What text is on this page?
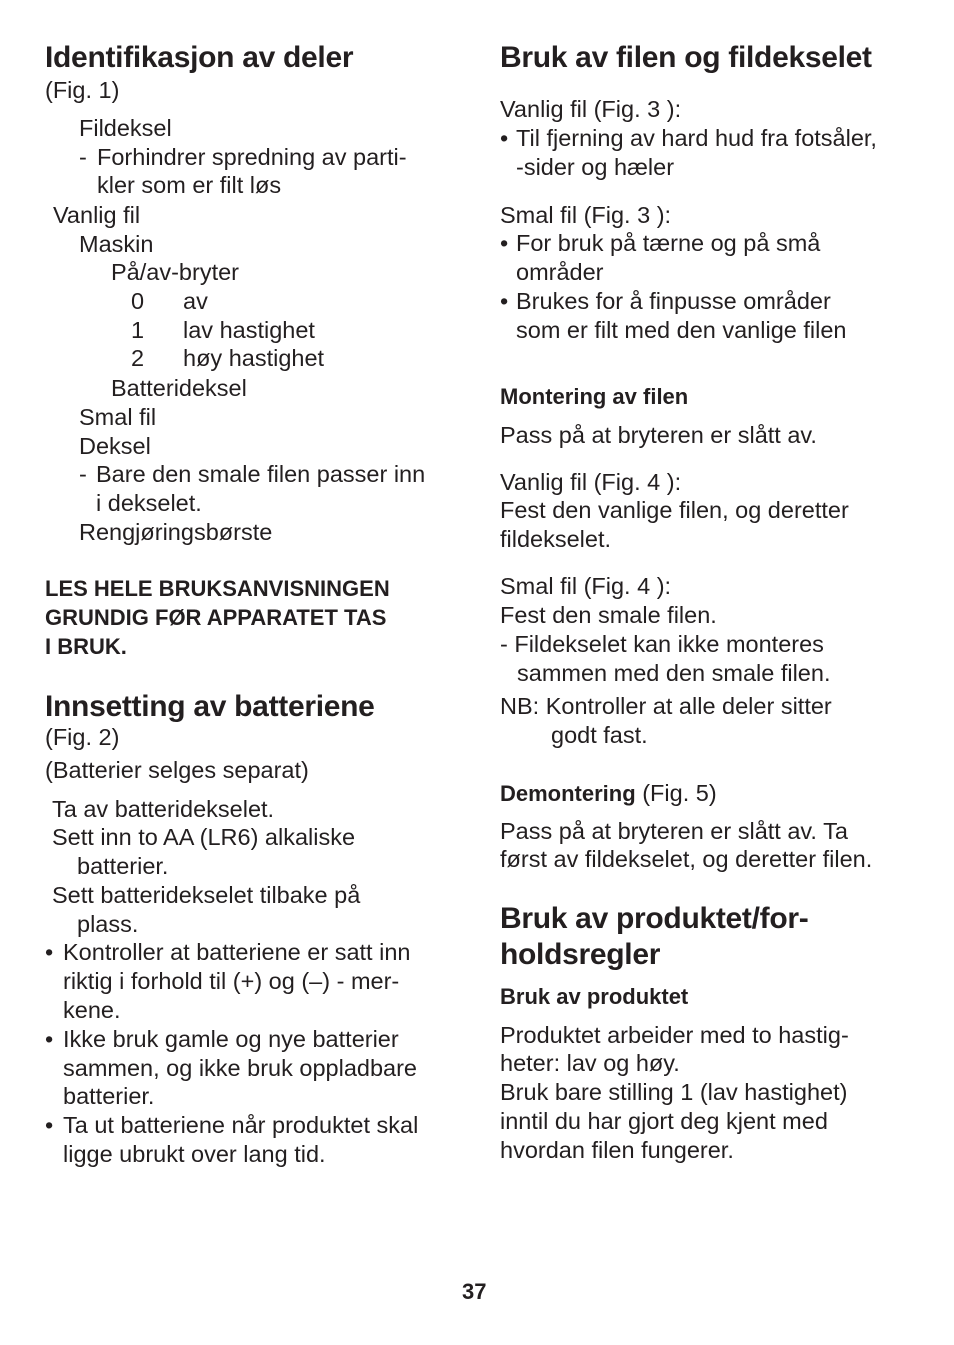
Identifikasjon av deler
(Fig. 1)
Fildeksel
- Forhindrer spredning av parti-
kler som er filt løs
Vanlig fil
Maskin
På/av-bryter
0 av
1 lav hastighet
2 høy hastighet
Batterideksel
Smal fil
Deksel
- Bare den smale filen passer inn
i dekselet.
Rengjøringsbørste
LES HELE BRUKSANVISNINGEN
GRUNDIG FØR APPARATET TAS
I BRUK.
Innsetting av batteriene
(Fig. 2)
(Batterier selges separat)
Ta av batteridekselet.
Sett inn to AA (LR6) alkaliske
batterier.
Sett batteridekselet tilbake på
plass.
• Kontroller at batteriene er satt inn
riktig i forhold til (+) og (–) - mer-
kene.
• Ikke bruk gamle og nye batterier
sammen, og ikke bruk oppladbare
batterier.
• Ta ut batteriene når produktet skal
ligge ubrukt over lang tid.
Bruk av filen og fildekselet
Vanlig fil (Fig. 3 ):
• Til fjerning av hard hud fra fotsåler,
-sider og hæler
Smal fil (Fig. 3 ):
• For bruk på tærne og på små
områder
• Brukes for å finpusse områder
som er filt med den vanlige filen
Montering av filen
Pass på at bryteren er slått av.
Vanlig fil (Fig. 4 ):
Fest den vanlige filen, og deretter
fildekselet.
Smal fil (Fig. 4 ):
Fest den smale filen.
- Fildekselet kan ikke monteres
sammen med den smale filen.
NB: Kontroller at alle deler sitter
godt fast.
Demontering (Fig. 5)
Pass på at bryteren er slått av. Ta
først av fildekselet, og deretter filen.
Bruk av produktet/for-
holdsregler
Bruk av produktet
Produktet arbeider med to hastig-
heter: lav og høy.
Bruk bare stilling 1 (lav hastighet)
inntil du har gjort deg kjent med
hvordan filen fungerer.
37
